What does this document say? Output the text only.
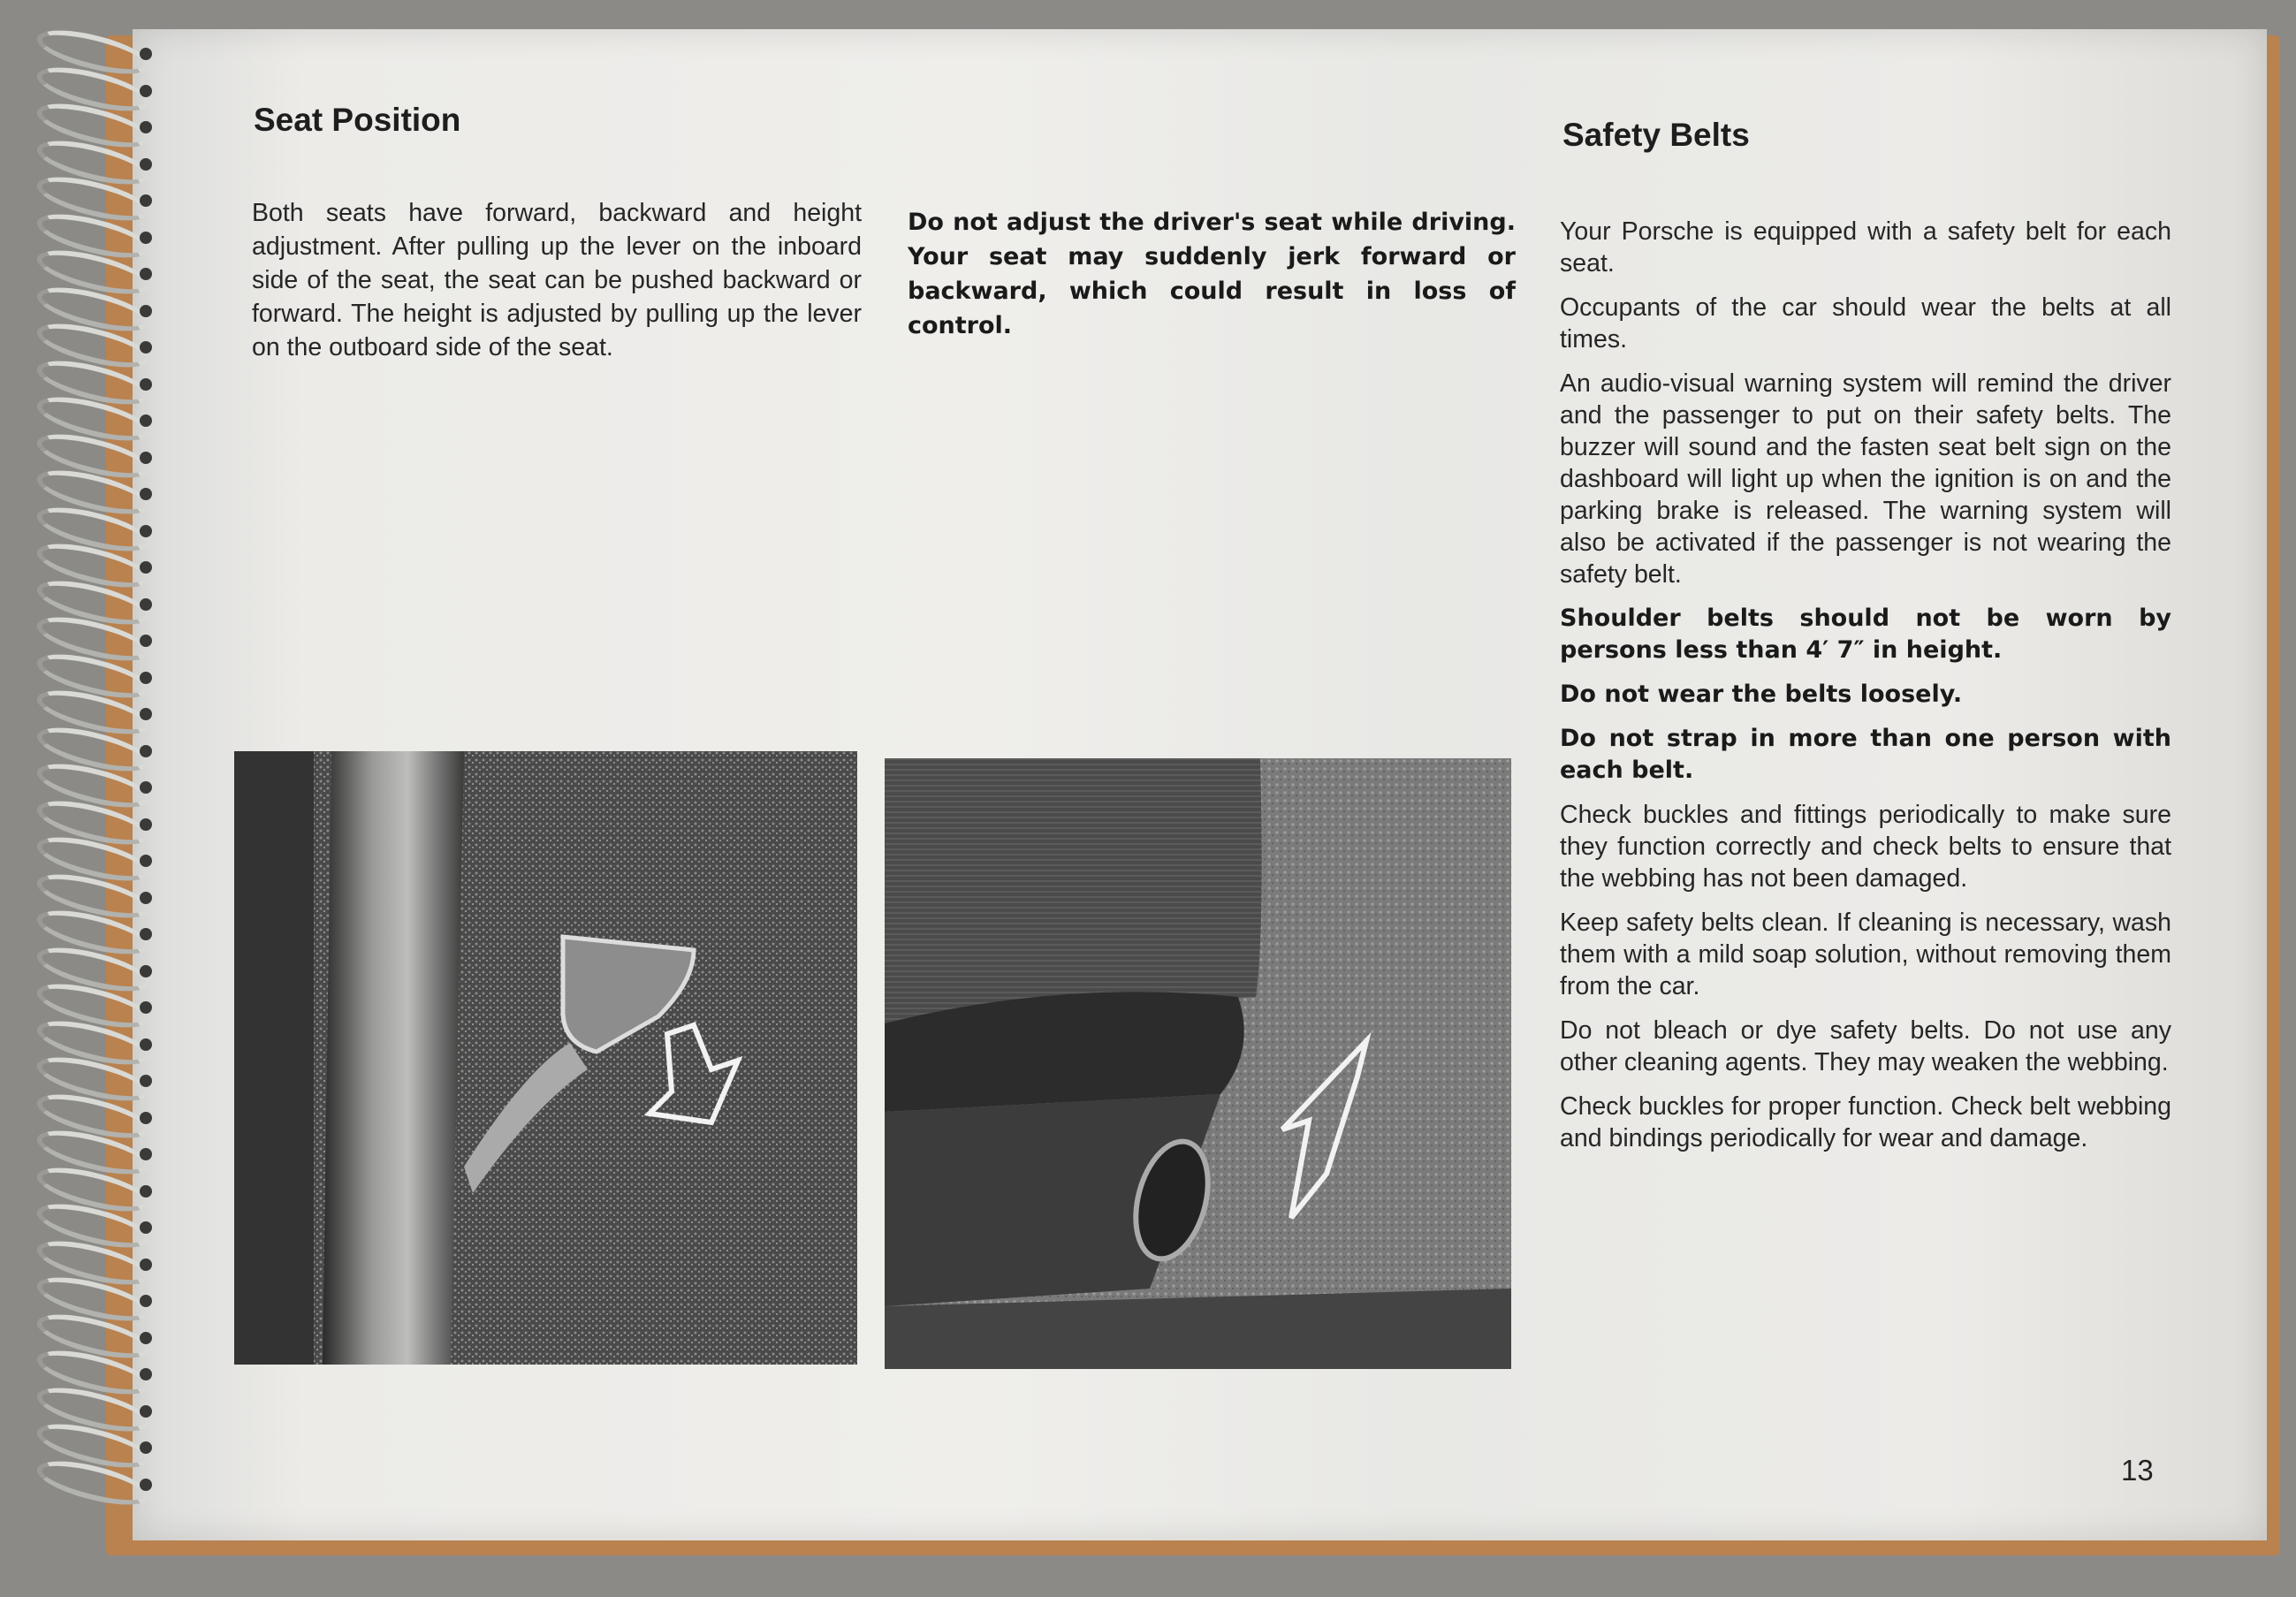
Seat Position

Both seats have forward, backward and height adjustment. After pulling up the lever on the inboard side of the seat, the seat can be pushed backward or forward. The height is adjusted by pulling up the lever on the outboard side of the seat.

Do not adjust the driver's seat while driving. Your seat may suddenly jerk forward or backward, which could result in loss of control.

Safety Belts

Your Porsche is equipped with a safety belt for each seat.

Occupants of the car should wear the belts at all times.

An audio-visual warning system will remind the driver and the passenger to put on their safety belts. The buzzer will sound and the fasten seat belt sign on the dashboard will light up when the ignition is on and the parking brake is released. The warning system will also be activated if the passenger is not wearing the safety belt.

Shoulder belts should not be worn by persons less than 4′ 7″ in height.

Do not wear the belts loosely.

Do not strap in more than one person with each belt.

Check buckles and fittings periodically to make sure they function correctly and check belts to ensure that the webbing has not been damaged.

Keep safety belts clean. If cleaning is necessary, wash them with a mild soap solution, without removing them from the car.

Do not bleach or dye safety belts. Do not use any other cleaning agents. They may weaken the webbing.

Check buckles for proper function. Check belt webbing and bindings periodically for wear and damage.

13
